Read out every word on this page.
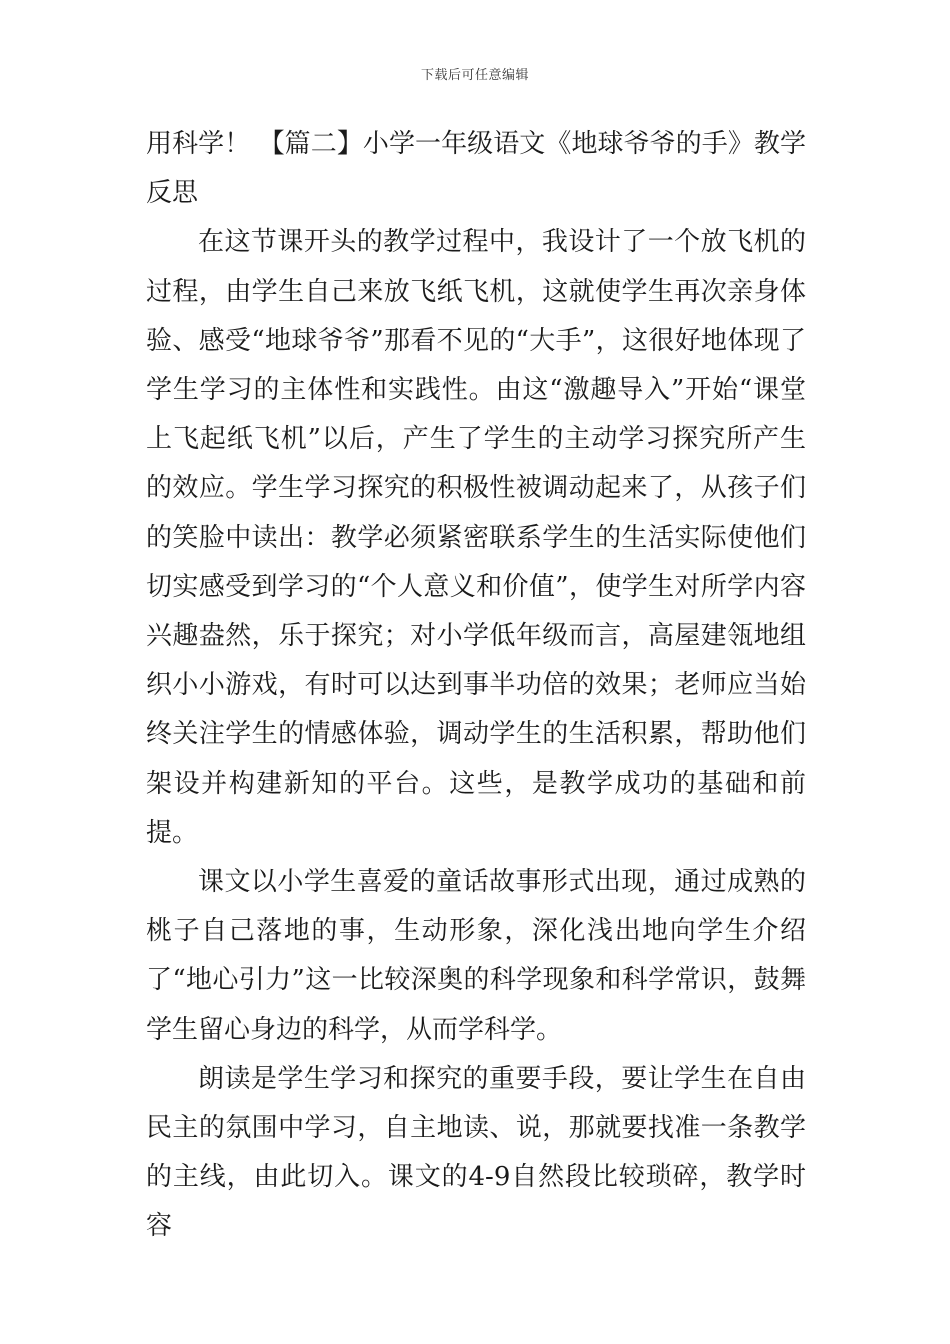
下载后可任意编辑

用科学！ 【篇二】小学一年级语文《地球爷爷的手》教学反思

在这节课开头的教学过程中，我设计了一个放飞机的过程，由学生自己来放飞纸飞机，这就使学生再次亲身体验、感受“地球爷爷”那看不见的“大手”，这很好地体现了学生学习的主体性和实践性。由这“激趣导入”开始“课堂上飞起纸飞机”以后，产生了学生的主动学习探究所产生的效应。学生学习探究的积极性被调动起来了，从孩子们的笑脸中读出：教学必须紧密联系学生的生活实际使他们切实感受到学习的“个人意义和价值”，使学生对所学内容兴趣盎然，乐于探究；对小学低年级而言，高屋建瓴地组织小小游戏，有时可以达到事半功倍的效果；老师应当始终关注学生的情感体验，调动学生的生活积累，帮助他们架设并构建新知的平台。这些，是教学成功的基础和前提。

课文以小学生喜爱的童话故事形式出现，通过成熟的桃子自己落地的事，生动形象，深化浅出地向学生介绍了“地心引力”这一比较深奥的科学现象和科学常识，鼓舞学生留心身边的科学，从而学科学。

朗读是学生学习和探究的重要手段，要让学生在自由民主的氛围中学习，自主地读、说，那就要找准一条教学的主线，由此切入。课文的4-9自然段比较琐碎，教学时容
